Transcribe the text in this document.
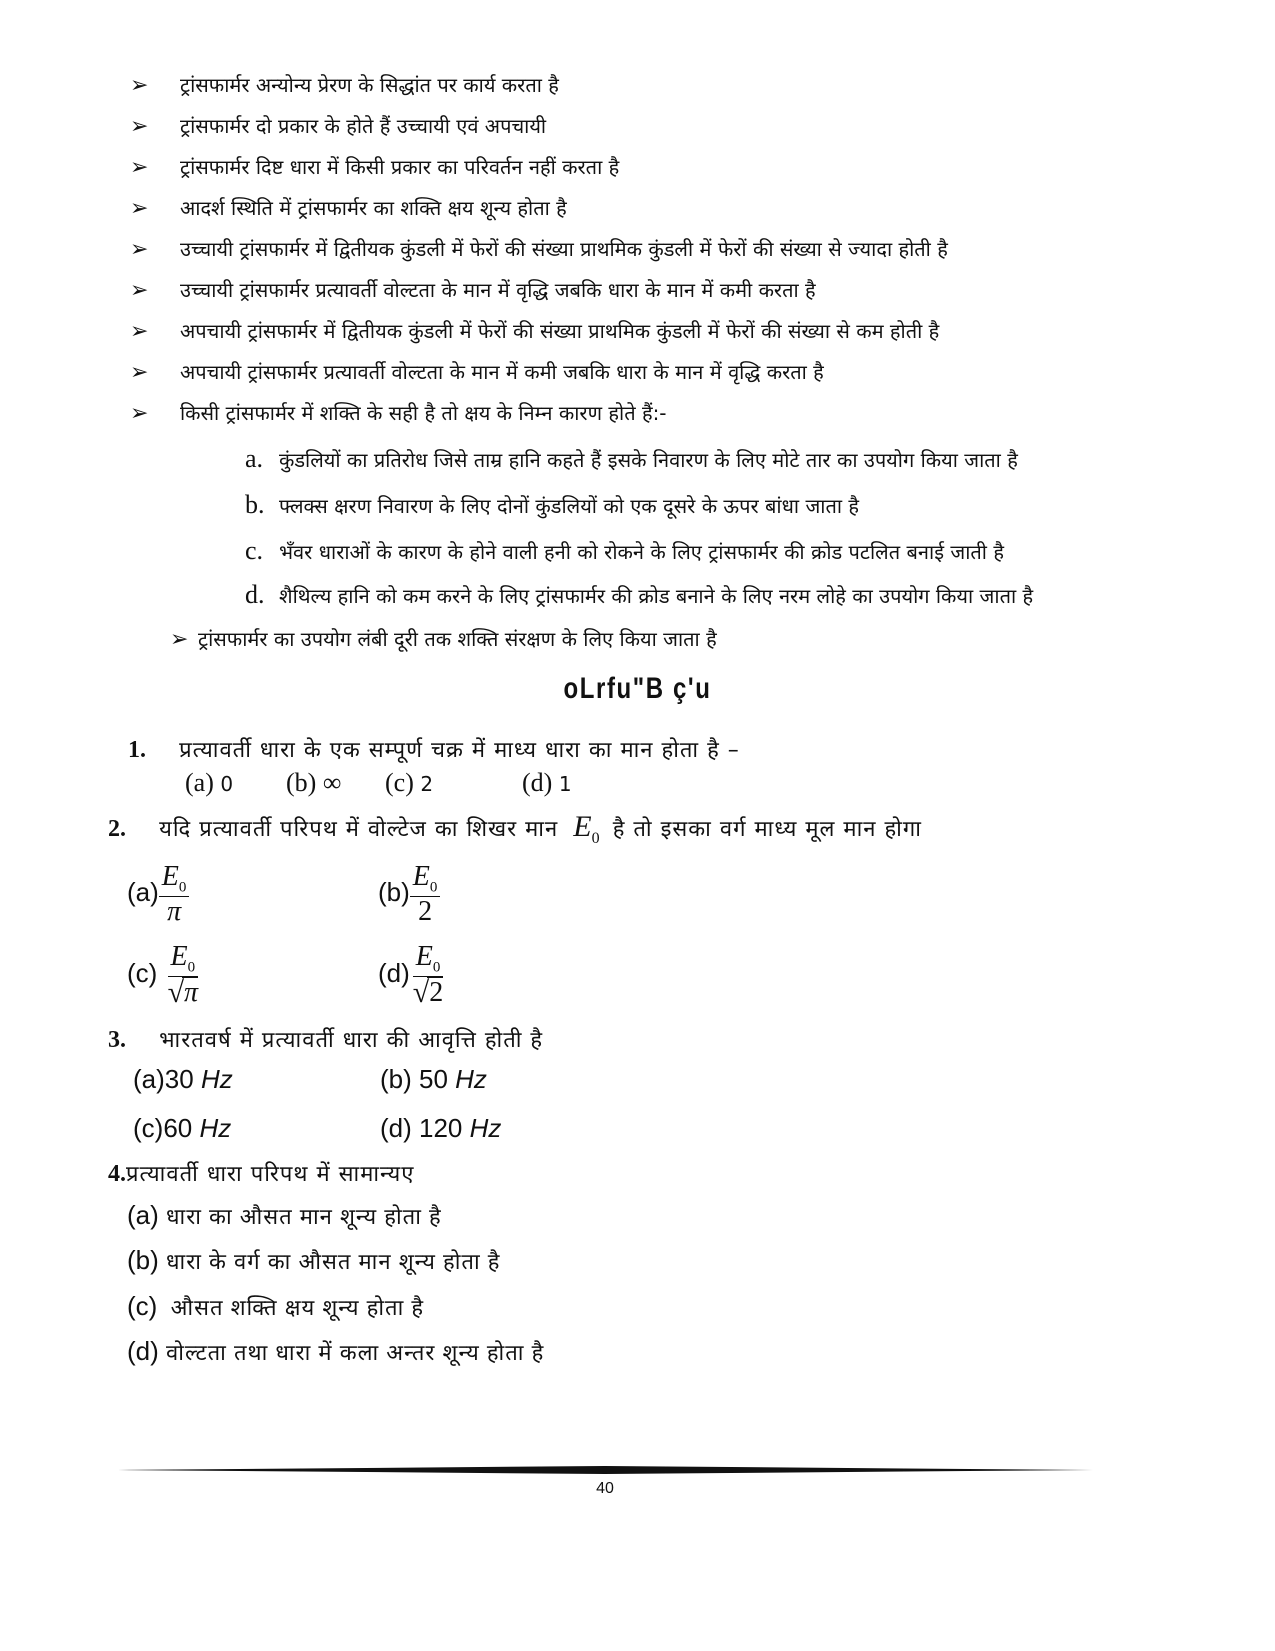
➢ ट्रांसफार्मर अन्योन्य प्रेरण के सिद्धांत पर कार्य करता है
➢ ट्रांसफार्मर दो प्रकार के होते हैं उच्चायी एवं अपचायी
➢ ट्रांसफार्मर दिष्ट धारा में किसी प्रकार का परिवर्तन नहीं करता है
➢ आदर्श स्थिति में ट्रांसफार्मर का शक्ति क्षय शून्य होता है
➢ उच्चायी ट्रांसफार्मर में द्वितीयक कुंडली में फेरों की संख्या प्राथमिक कुंडली में फेरों की संख्या से ज्यादा होती है
➢ उच्चायी ट्रांसफार्मर प्रत्यावर्ती वोल्टता के मान में वृद्धि जबकि धारा के मान में कमी करता है
➢ अपचायी ट्रांसफार्मर में द्वितीयक कुंडली में फेरों की संख्या प्राथमिक कुंडली में फेरों की संख्या से कम होती है
➢ अपचायी ट्रांसफार्मर प्रत्यावर्ती वोल्टता के मान में कमी जबकि धारा के मान में वृद्धि करता है
➢ किसी ट्रांसफार्मर में शक्ति के सही है तो क्षय के निम्न कारण होते हैं:-
a. कुंडलियों का प्रतिरोध जिसे ताम्र हानि कहते हैं इसके निवारण के लिए मोटे तार का उपयोग किया जाता है
b. फ्लक्स क्षरण निवारण के लिए दोनों कुंडलियों को एक दूसरे के ऊपर बांधा जाता है
c. भँवर धाराओं के कारण के होने वाली हनी को रोकने के लिए ट्रांसफार्मर की क्रोड पटलित बनाई जाती है
d. शैथिल्य हानि को कम करने के लिए ट्रांसफार्मर की क्रोड बनाने के लिए नरम लोहे का उपयोग किया जाता है
➢ ट्रांसफार्मर का उपयोग लंबी दूरी तक शक्ति संरक्षण के लिए किया जाता है
oLrfu"B ç'u
1. प्रत्यावर्ती धारा के एक सम्पूर्ण चक्र में माध्य धारा का मान होता है –
(a) 0 (b) ∞ (c) 2	(d) 1
2. यदि प्रत्यावर्ती परिपथ में वोल्टेज का शिखर मान $E_0$ है तो इसका वर्ग माध्य मूल मान होगा
$(a) \frac{E_0}{\pi}$	$(b) \frac{E_0}{2}$
$(c) \frac{E_0}{√ \pi}$	$(d) \frac{E_0}{√ 2}$
3. भारतवर्ष में प्रत्यावर्ती धारा की आवृत्ति होती है
(a)30 Hz	(b) 50 Hz
(c)60 Hz	(d) 120 Hz
4.प्रत्यावर्ती धारा परिपथ में सामान्यए
(a) धारा का औसत मान शून्य होता है
(b) धारा के वर्ग का औसत मान शून्य होता है
(c) औसत शक्ति क्षय शून्य होता है
(d) वोल्टता तथा धारा में कला अन्तर शून्य होता है
40
